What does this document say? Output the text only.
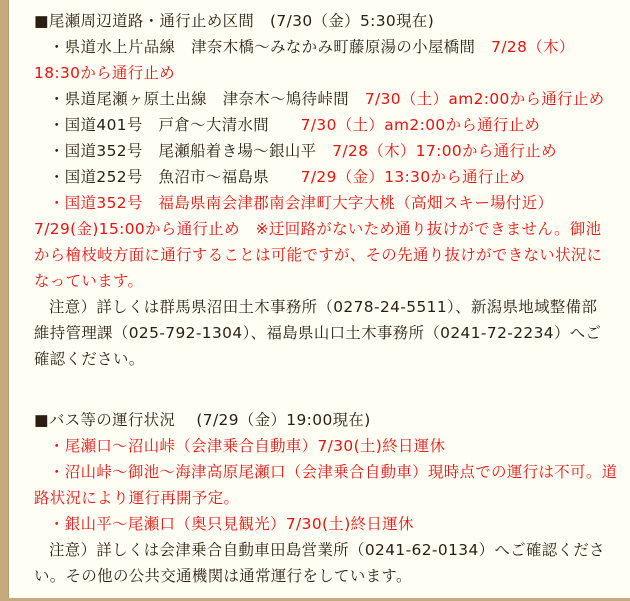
■尾瀬周辺道路・通行止め区間　(7/30（金）5:30現在)
・県道水上片品線　津奈木橋〜みなかみ町藤原湯の小屋橋間　7/28（木）
18:30から通行止め
・県道尾瀬ヶ原土出線　津奈木〜鳩待峠間　7/30（土）am2:00から通行止め
・国道401号　戸倉〜大清水間　　7/30（土）am2:00から通行止め
・国道352号　尾瀬船着き場〜銀山平　7/28（木）17:00から通行止め
・国道252号　魚沼市〜福島県　　7/29（金）13:30から通行止め
・国道352号　福島県南会津郡南会津町大字大桃（高畑スキー場付近）
7/29(金)15:00から通行止め　※迂回路がないため通り抜けができません。御池
から檜枝岐方面に通行することは可能ですが、その先通り抜けができない状況に
なっています。
注意）詳しくは群馬県沼田土木事務所（0278-24-5511）、新潟県地域整備部
維持管理課（025-792-1304）、福島県山口土木事務所（0241-72-2234）へご
確認ください。
■バス等の運行状況　 (7/29（金）19:00現在)
・尾瀬口〜沼山峠（会津乗合自動車）7/30(土)終日運休
・沼山峠〜御池〜海津高原尾瀬口（会津乗合自動車）現時点での運行は不可。道
路状況により運行再開予定。
・銀山平〜尾瀬口（奥只見観光）7/30(土)終日運休
注意）詳しくは会津乗合自動車田島営業所（0241-62-0134）へご確認くださ
い。その他の公共交通機関は通常運行をしています。
